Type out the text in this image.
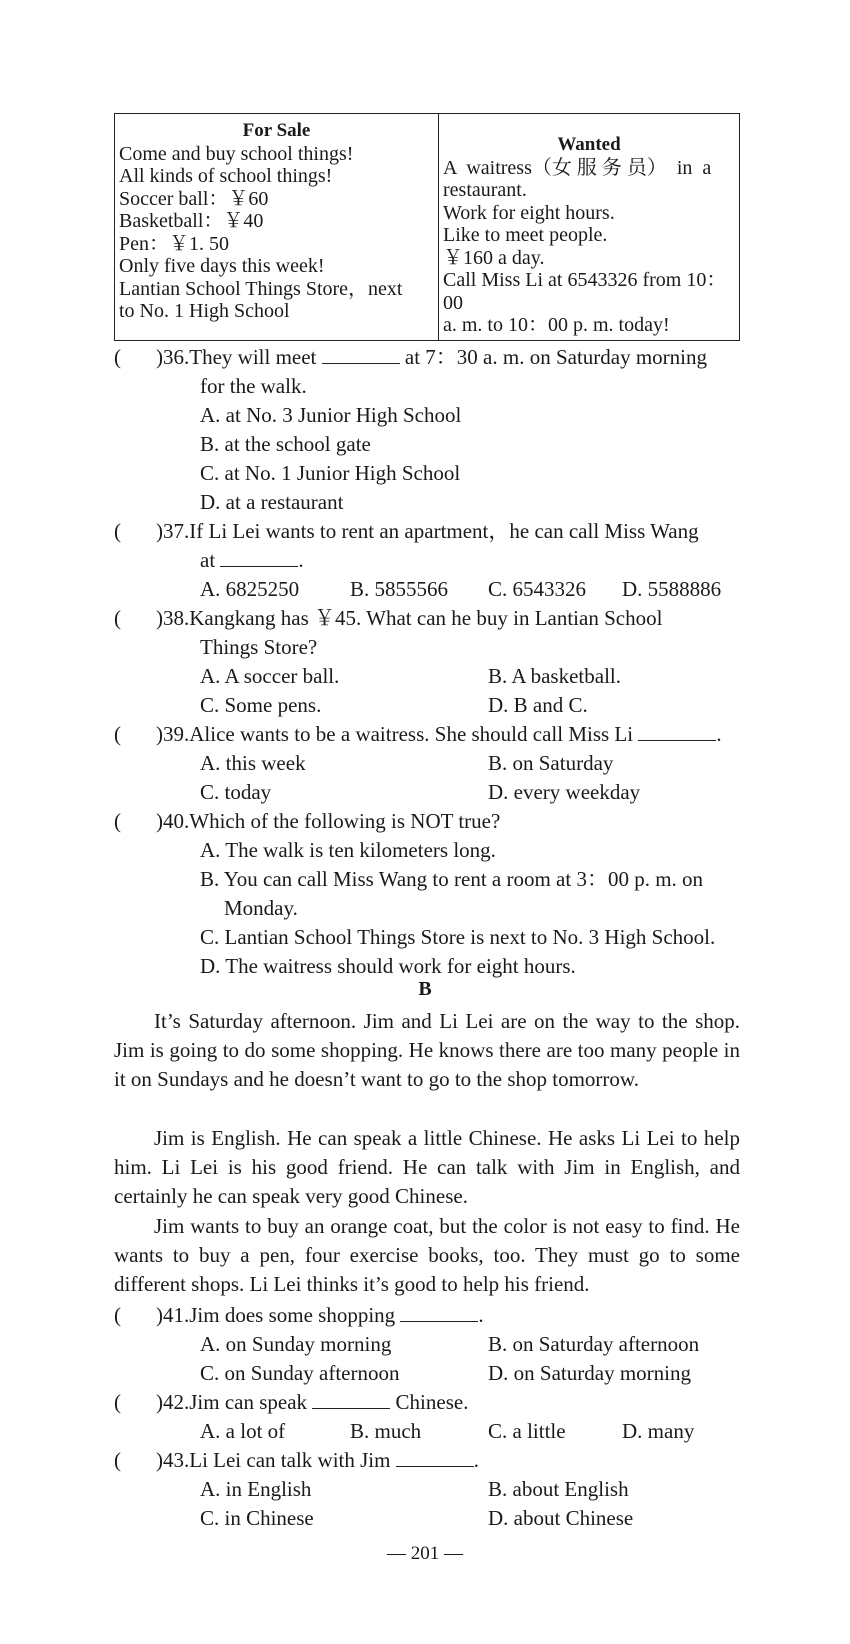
For Sale
Come and buy school things!
All kinds of school things!
Soccer ball：￥60
Basketball：￥40
Pen：￥1. 50
Only five days this week!
Lantian School Things Store，next
to No. 1 High School
Wanted
A  waitress（女 服 务 员）  in  a
restaurant.
Work for eight hours.
Like to meet people.
￥160 a day.
Call Miss Li at 6543326 from 10：00
a. m. to 10：00 p. m. today!
( )36.They will meet	at 7：30 a. m. on Saturday morning
for the walk.
A. at No. 3 Junior High School
B. at the school gate
C. at No. 1 Junior High School
D. at a restaurant
( )37.If Li Lei wants to rent an apartment，he can call Miss Wang
at	.
A. 6825250 B. 5855566 C. 6543326 D. 5588886
( )38.Kangkang has ￥45. What can he buy in Lantian School
Things Store?
A. A soccer ball.	B. A basketball.
C. Some pens.	D. B and C.
( )39.Alice wants to be a waitress. She should call Miss Li	.
A. this week	B. on Saturday
C. today	D. every weekday
( )40.Which of the following is NOT true?
A. The walk is ten kilometers long.
B. You can call Miss Wang to rent a room at 3：00 p. m. on
Monday.
C. Lantian School Things Store is next to No. 3 High School.
D. The waitress should work for eight hours.
B
It’s Saturday afternoon. Jim and Li Lei are on the way to the shop. Jim is going to do some shopping. He knows there are too many people in it on Sundays and he doesn’t want to go to the shop tomorrow.
Jim is English. He can speak a little Chinese. He asks Li Lei to help him. Li Lei is his good friend. He can talk with Jim in English, and certainly he can speak very good Chinese.
Jim wants to buy an orange coat, but the color is not easy to find. He wants to buy a pen, four exercise books, too. They must go to some different shops. Li Lei thinks it’s good to help his friend.
( )41.Jim does some shopping	.
A. on Sunday morning	B. on Saturday afternoon
C. on Sunday afternoon	D. on Saturday morning
( )42.Jim can speak	Chinese.
A. a lot of	B. much	C. a little	D. many
( )43.Li Lei can talk with Jim	.
A. in English	B. about English
C. in Chinese	D. about Chinese
— 201 —
